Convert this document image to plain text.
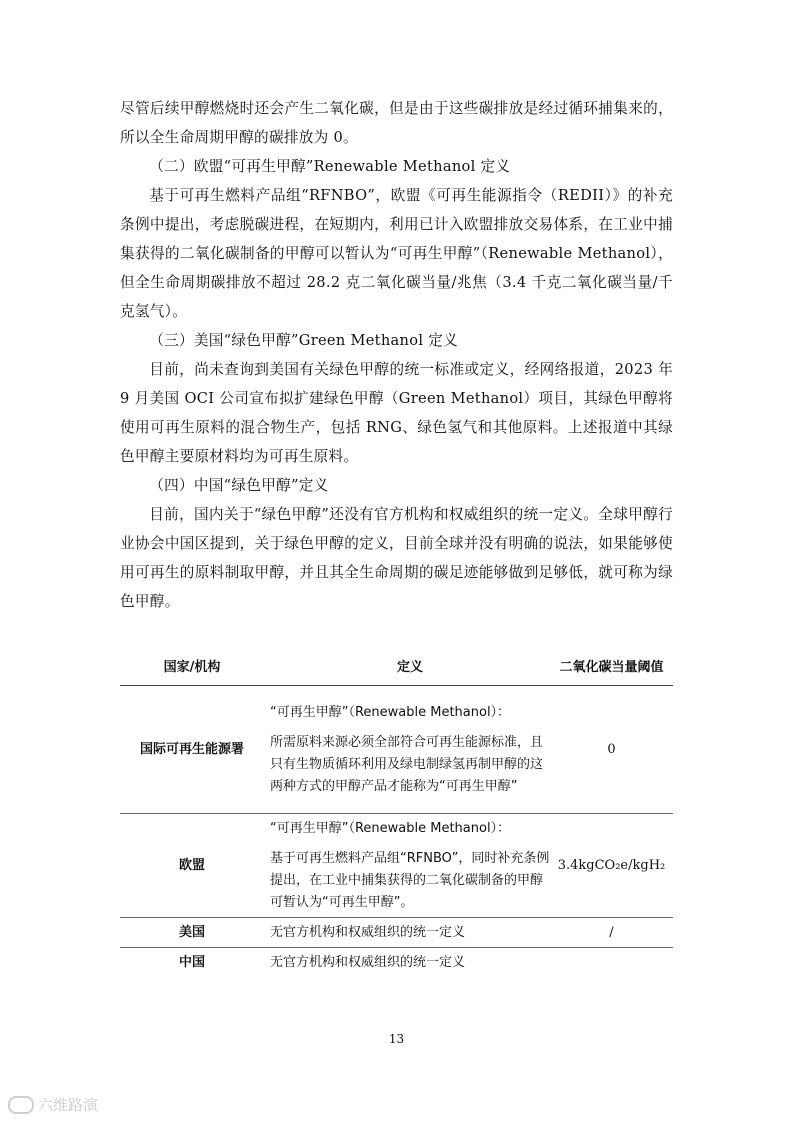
尽管后续甲醇燃烧时还会产生二氧化碳，但是由于这些碳排放是经过循环捕集来的，所以全生命周期甲醇的碳排放为 0。

（二）欧盟“可再生甲醇”Renewable Methanol 定义

基于可再生燃料产品组“RFNBO”，欧盟《可再生能源指令（REDII）》的补充条例中提出，考虑脱碳进程，在短期内，利用已计入欧盟排放交易体系，在工业中捕集获得的二氧化碳制备的甲醇可以暂认为“可再生甲醇”（Renewable Methanol），但全生命周期碳排放不超过 28.2 克二氧化碳当量/兆焦（3.4 千克二氧化碳当量/千克氢气）。

（三）美国“绿色甲醇”Green Methanol 定义

目前，尚未查询到美国有关绿色甲醇的统一标准或定义，经网络报道，2023 年 9 月美国 OCI 公司宣布拟扩建绿色甲醇（Green Methanol）项目，其绿色甲醇将使用可再生原料的混合物生产，包括 RNG、绿色氢气和其他原料。上述报道中其绿色甲醇主要原材料均为可再生原料。

（四）中国“绿色甲醇”定义

目前，国内关于“绿色甲醇”还没有官方机构和权威组织的统一定义。全球甲醇行业协会中国区提到，关于绿色甲醇的定义，目前全球并没有明确的说法，如果能够使用可再生的原料制取甲醇，并且其全生命周期的碳足迹能够做到足够低，就可称为绿色甲醇。

国家/机构	定义	二氧化碳当量阈值
国际可再生能源署	“可再生甲醇”（Renewable Methanol）：

所需原料来源必须全部符合可再生能源标准，且只有生物质循环利用及绿电制绿氢再制甲醇的这两种方式的甲醇产品才能称为“可再生甲醇”	0
欧盟	“可再生甲醇”（Renewable Methanol）：

基于可再生燃料产品组“RFNBO”，同时补充条例提出，在工业中捕集获得的二氧化碳制备的甲醇可暂认为“可再生甲醇”。	3.4kgCO₂e/kgH₂
美国	无官方机构和权威组织的统一定义	/
中国	无官方机构和权威组织的统一定义	
13
六维路演
